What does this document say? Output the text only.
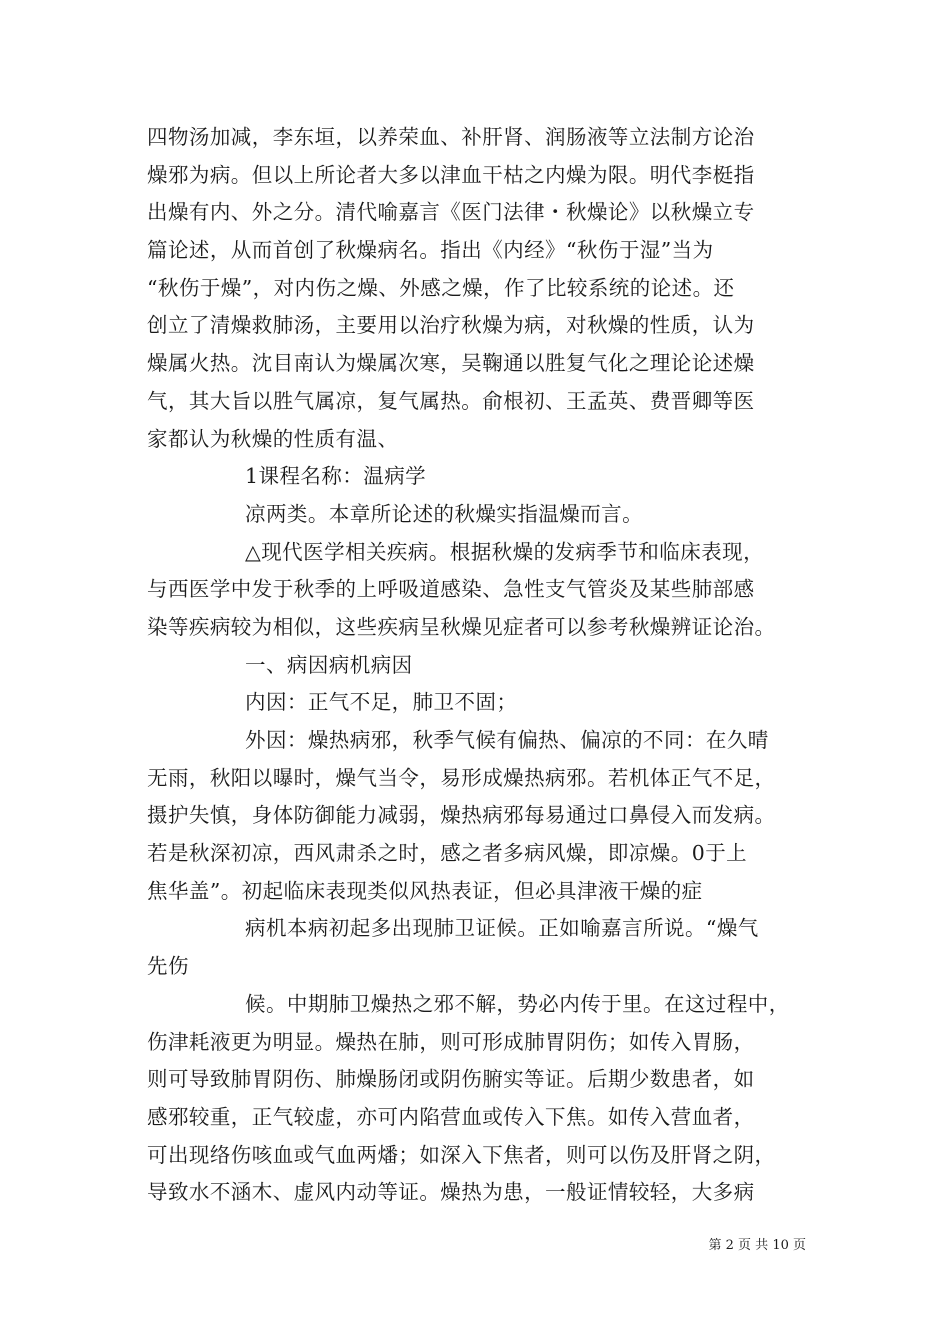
四物汤加减，李东垣，以养荣血、补肝肾、润肠液等立法制方论治
燥邪为病。但以上所论者大多以津血干枯之内燥为限。明代李梃指
出燥有内、外之分。清代喻嘉言《医门法律・秋燥论》以秋燥立专
篇论述，从而首创了秋燥病名。指出《内经》“秋伤于湿”当为
“秋伤于燥”，对内伤之燥、外感之燥，作了比较系统的论述。还
创立了清燥救肺汤，主要用以治疗秋燥为病，对秋燥的性质，认为
燥属火热。沈目南认为燥属次寒，吴鞠通以胜复气化之理论论述燥
气，其大旨以胜气属凉，复气属热。俞根初、王孟英、费晋卿等医
家都认为秋燥的性质有温、
1课程名称：温病学
凉两类。本章所论述的秋燥实指温燥而言。
△现代医学相关疾病。根据秋燥的发病季节和临床表现，
与西医学中发于秋季的上呼吸道感染、急性支气管炎及某些肺部感
染等疾病较为相似，这些疾病呈秋燥见症者可以参考秋燥辨证论治。
一、病因病机病因
内因：正气不足，肺卫不固；
外因：燥热病邪，秋季气候有偏热、偏凉的不同：在久晴
无雨，秋阳以曝时，燥气当令，易形成燥热病邪。若机体正气不足，
摄护失慎，身体防御能力减弱，燥热病邪每易通过口鼻侵入而发病。
若是秋深初凉，西风肃杀之时，感之者多病风燥，即凉燥。0于上
焦华盖”。初起临床表现类似风热表证，但必具津液干燥的症
病机本病初起多出现肺卫证候。正如喻嘉言所说。“燥气
先伤
候。中期肺卫燥热之邪不解，势必内传于里。在这过程中，
伤津耗液更为明显。燥热在肺，则可形成肺胃阴伤；如传入胃肠，
则可导致肺胃阴伤、肺燥肠闭或阴伤腑实等证。后期少数患者，如
感邪较重，正气较虚，亦可内陷营血或传入下焦。如传入营血者，
可出现络伤咳血或气血两燔；如深入下焦者，则可以伤及肝肾之阴，
导致水不涵木、虚风内动等证。燥热为患，一般证情较轻，大多病
第 2 页 共 10 页
